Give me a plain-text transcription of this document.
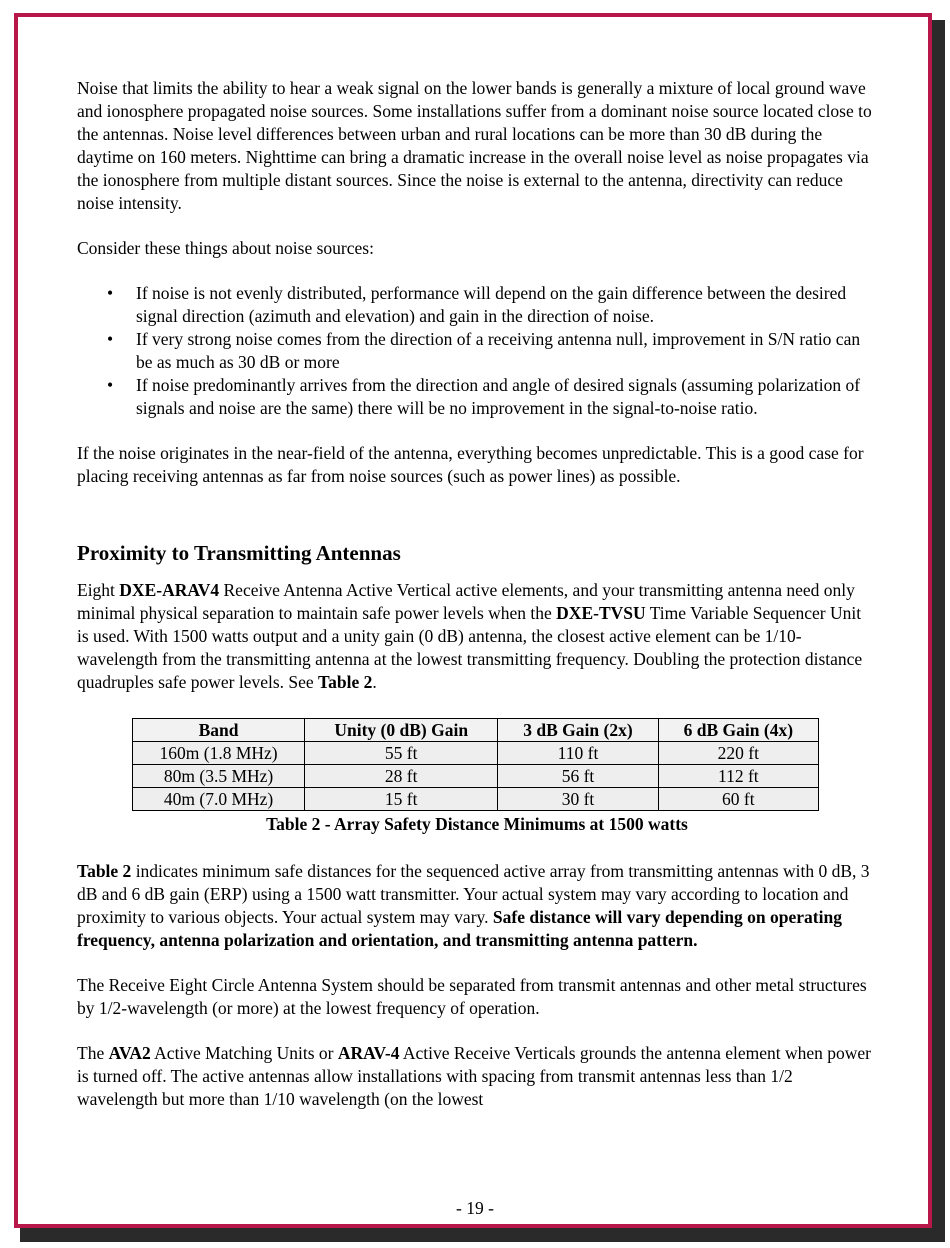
Noise that limits the ability to hear a weak signal on the lower bands is generally a mixture of local ground wave and ionosphere propagated noise sources. Some installations suffer from a dominant noise source located close to the antennas. Noise level differences between urban and rural locations can be more than 30 dB during the daytime on 160 meters. Nighttime can bring a dramatic increase in the overall noise level as noise propagates via the ionosphere from multiple distant sources. Since the noise is external to the antenna, directivity can reduce noise intensity.

Consider these things about noise sources:

• If noise is not evenly distributed, performance will depend on the gain difference between the desired signal direction (azimuth and elevation) and gain in the direction of noise.
• If very strong noise comes from the direction of a receiving antenna null, improvement in S/N ratio can be as much as 30 dB or more
• If noise predominantly arrives from the direction and angle of desired signals (assuming polarization of signals and noise are the same) there will be no improvement in the signal-to-noise ratio.

If the noise originates in the near-field of the antenna, everything becomes unpredictable. This is a good case for placing receiving antennas as far from noise sources (such as power lines) as possible.

Proximity to Transmitting Antennas

Eight DXE-ARAV4 Receive Antenna Active Vertical active elements, and your transmitting antenna need only minimal physical separation to maintain safe power levels when the DXE-TVSU Time Variable Sequencer Unit is used. With 1500 watts output and a unity gain (0 dB) antenna, the closest active element can be 1/10-wavelength from the transmitting antenna at the lowest transmitting frequency. Doubling the protection distance quadruples safe power levels. See Table 2.

Band	Unity (0 dB) Gain	3 dB Gain (2x)	6 dB Gain (4x)
160m (1.8 MHz)	55 ft	110 ft	220 ft
80m (3.5 MHz)	28 ft	56 ft	112 ft
40m (7.0 MHz)	15 ft	30 ft	60 ft
Table 2 - Array Safety Distance Minimums at 1500 watts

Table 2 indicates minimum safe distances for the sequenced active array from transmitting antennas with 0 dB, 3 dB and 6 dB gain (ERP) using a 1500 watt transmitter. Your actual system may vary according to location and proximity to various objects. Your actual system may vary. Safe distance will vary depending on operating frequency, antenna polarization and orientation, and transmitting antenna pattern.

The Receive Eight Circle Antenna System should be separated from transmit antennas and other metal structures by 1/2-wavelength (or more) at the lowest frequency of operation.

The AVA2 Active Matching Units or ARAV-4 Active Receive Verticals grounds the antenna element when power is turned off. The active antennas allow installations with spacing from transmit antennas less than 1/2 wavelength but more than 1/10 wavelength (on the lowest

- 19 -
